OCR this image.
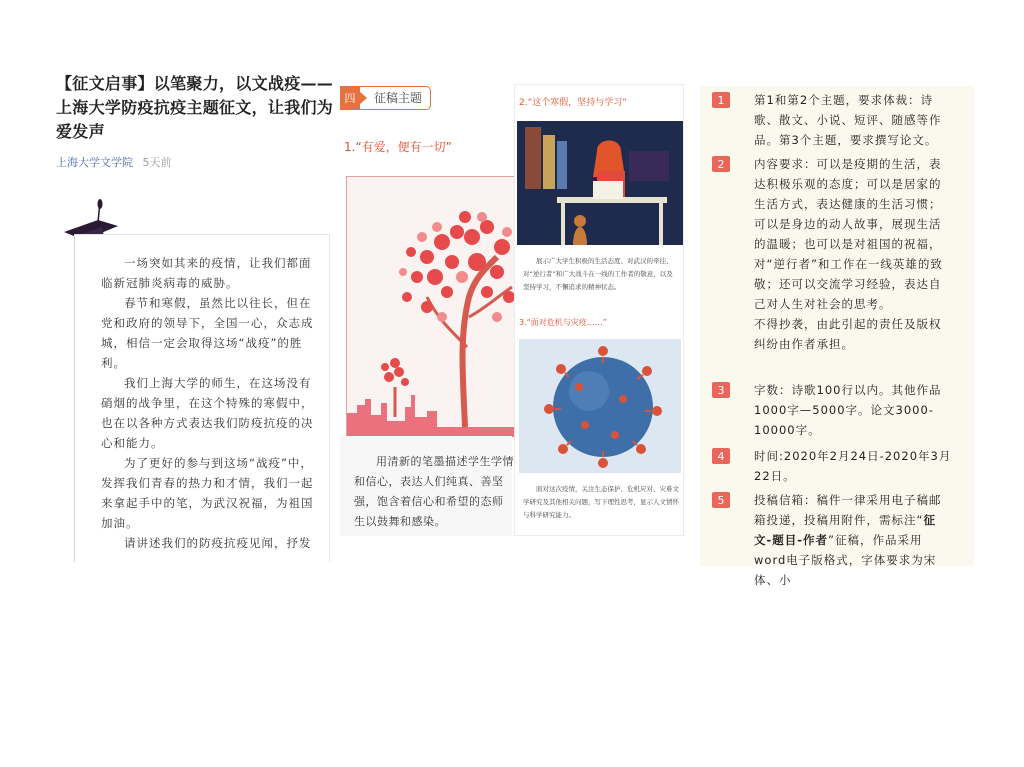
【征文启事】以笔聚力，以文战疫——上海大学防疫抗疫主题征文，让我们为爱发声
上海大学文学院 5天前

一场突如其来的疫情，让我们都面临新冠肺炎病毒的威胁。

春节和寒假，虽然比以往长，但在党和政府的领导下，全国一心，众志成城，相信一定会取得这场“战疫”的胜利。

我们上海大学的师生，在这场没有硝烟的战争里，在这个特殊的寒假中，也在以各种方式表达我们防疫抗疫的决心和能力。

为了更好的参与到这场“战疫”中，发挥我们青春的热力和才情，我们一起来拿起手中的笔，为武汉祝福，为祖国加油。

请讲述我们的防疫抗疫见闻，抒发

四	征稿主题
1.“有爱，便有一切”

用清新的笔墨描述学生学情和信心，表达人们纯真、善坚强，饱含着信心和希望的态师生以鼓舞和感染。

2.“这个寒假，坚持与学习”
展示广大学生积极的生活态度、对武汉的牵挂、对“逆行者”和广大战斗在一线的工作者的敬意，以及坚持学习，不懈追求的精神状态。
3.“面对危机与灾疫……”
面对这次疫情，关注生态保护、危机应对、灾难文学研究及其他相关问题，写下理性思考，显示人文情怀与科学研究能力。
1	第1和第2个主题，要求体裁：诗歌、散文、小说、短评、随感等作品。第3个主题，要求撰写论文。
2	内容要求：可以是疫期的生活，表达积极乐观的态度；可以是居家的生活方式，表达健康的生活习惯；可以是身边的动人故事，展现生活的温暖；也可以是对祖国的祝福，对“逆行者”和工作在一线英雄的致敬；还可以交流学习经验，表达自己对人生对社会的思考。
不得抄袭，由此引起的责任及版权纠纷由作者承担。
3	字数：诗歌100行以内。其他作品1000字—5000字。论文3000-10000字。
4	时间:2020年2月24日-2020年3月22日。
5	投稿信箱：稿件一律采用电子稿邮箱投递，投稿用附件，需标注“征文-题目-作者”征稿，作品采用word电子版格式，字体要求为宋体、小
